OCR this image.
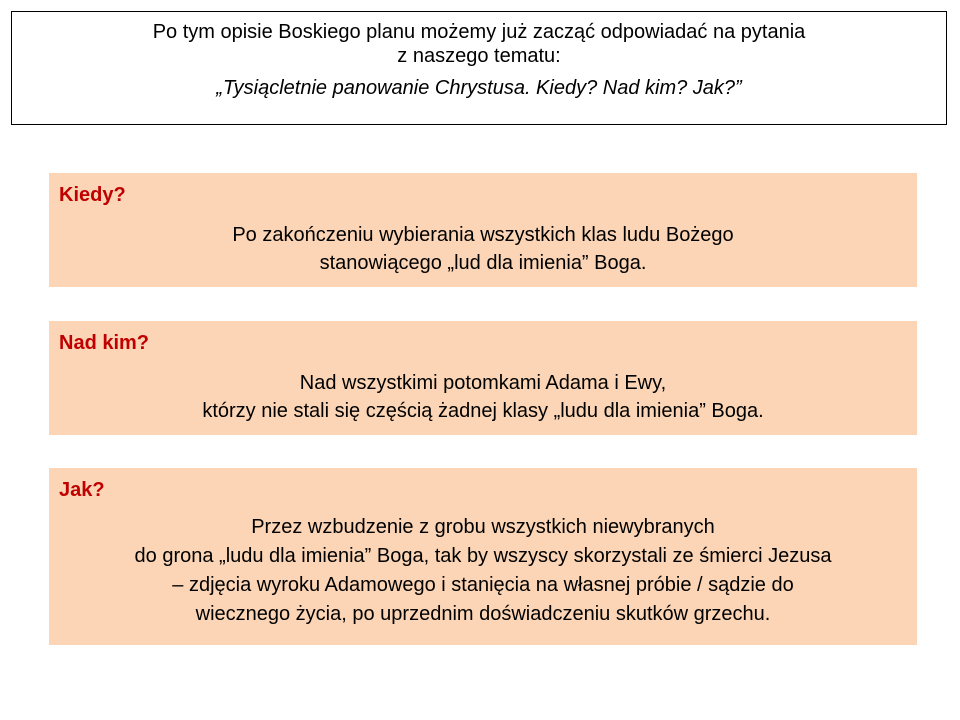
Po tym opisie Boskiego planu możemy już zacząć odpowiadać na pytania
z naszego tematu:
„Tysiącletnie panowanie Chrystusa. Kiedy? Nad kim? Jak?”
Kiedy?
Po zakończeniu wybierania wszystkich klas ludu Bożego
stanowiącego „lud dla imienia” Boga.
Nad kim?
Nad wszystkimi potomkami Adama i Ewy,
którzy nie stali się częścią żadnej klasy „ludu dla imienia” Boga.
Jak?
Przez wzbudzenie z grobu wszystkich niewybranych
do grona „ludu dla imienia” Boga, tak by wszyscy skorzystali ze śmierci Jezusa
– zdjęcia wyroku Adamowego i stanięcia na własnej próbie / sądzie do
wiecznego życia, po uprzednim doświadczeniu skutków grzechu.
